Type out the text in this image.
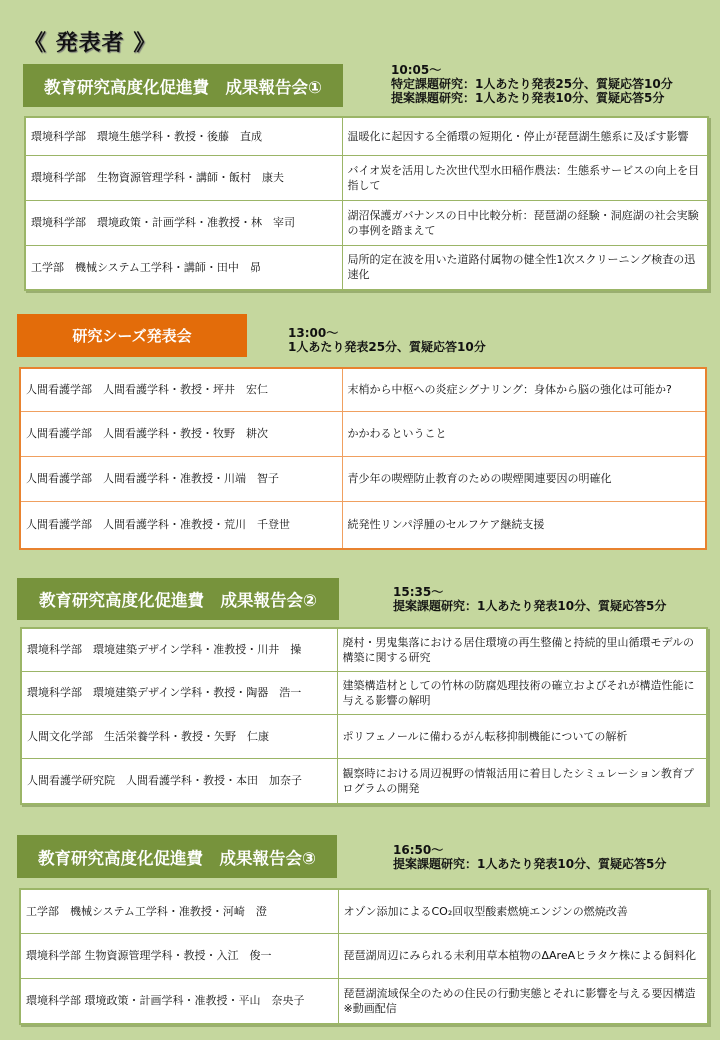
《 発表者 》
教育研究高度化促進費　成果報告会①
10:05～
特定課題研究：1人あたり発表25分、質疑応答10分
提案課題研究：1人あたり発表10分、質疑応答5分
環境科学部　環境生態学科・教授・後藤　直成	温暖化に起因する全循環の短期化・停止が琵琶湖生態系に及ぼす影響
環境科学部　生物資源管理学科・講師・飯村　康夫	バイオ炭を活用した次世代型水田稲作農法：生態系サービスの向上を目指して
環境科学部　環境政策・計画学科・准教授・林　宰司	湖沼保護ガバナンスの日中比較分析：琵琶湖の経験・洞庭湖の社会実験の事例を踏まえて
工学部　機械システム工学科・講師・田中　昴	局所的定在波を用いた道路付属物の健全性1次スクリーニング検査の迅速化
研究シーズ発表会	13:00～
1人あたり発表25分、質疑応答10分
人間看護学部　人間看護学科・教授・坪井　宏仁	末梢から中枢への炎症シグナリング：身体から脳の強化は可能か?
人間看護学部　人間看護学科・教授・牧野　耕次	かかわるということ
人間看護学部　人間看護学科・准教授・川端　智子	青少年の喫煙防止教育のための喫煙関連要因の明確化
人間看護学部　人間看護学科・准教授・荒川　千登世	続発性リンパ浮腫のセルフケア継続支援
教育研究高度化促進費　成果報告会②	15:35～
提案課題研究：1人あたり発表10分、質疑応答5分
環境科学部　環境建築デザイン学科・准教授・川井　操	廃村・男鬼集落における居住環境の再生整備と持続的里山循環モデルの構築に関する研究
環境科学部　環境建築デザイン学科・教授・陶器　浩一	建築構造材としての竹林の防腐処理技術の確立およびそれが構造性能に与える影響の解明
人間文化学部　生活栄養学科・教授・矢野　仁康	ポリフェノールに備わるがん転移抑制機能についての解析
人間看護学研究院　人間看護学科・教授・本田　加奈子	観察時における周辺視野の情報活用に着目したシミュレーション教育プログラムの開発
教育研究高度化促進費　成果報告会③	16:50～
提案課題研究：1人あたり発表10分、質疑応答5分
工学部　機械システム工学科・准教授・河崎　澄	オゾン添加によるCO₂回収型酸素燃焼エンジンの燃焼改善
環境科学部 生物資源管理学科・教授・入江　俊一	琵琶湖周辺にみられる未利用草本植物のΔAreAヒラタケ株による飼料化
環境科学部 環境政策・計画学科・准教授・平山　奈央子	琵琶湖流域保全のための住民の行動実態とそれに影響を与える要因構造　※動画配信
